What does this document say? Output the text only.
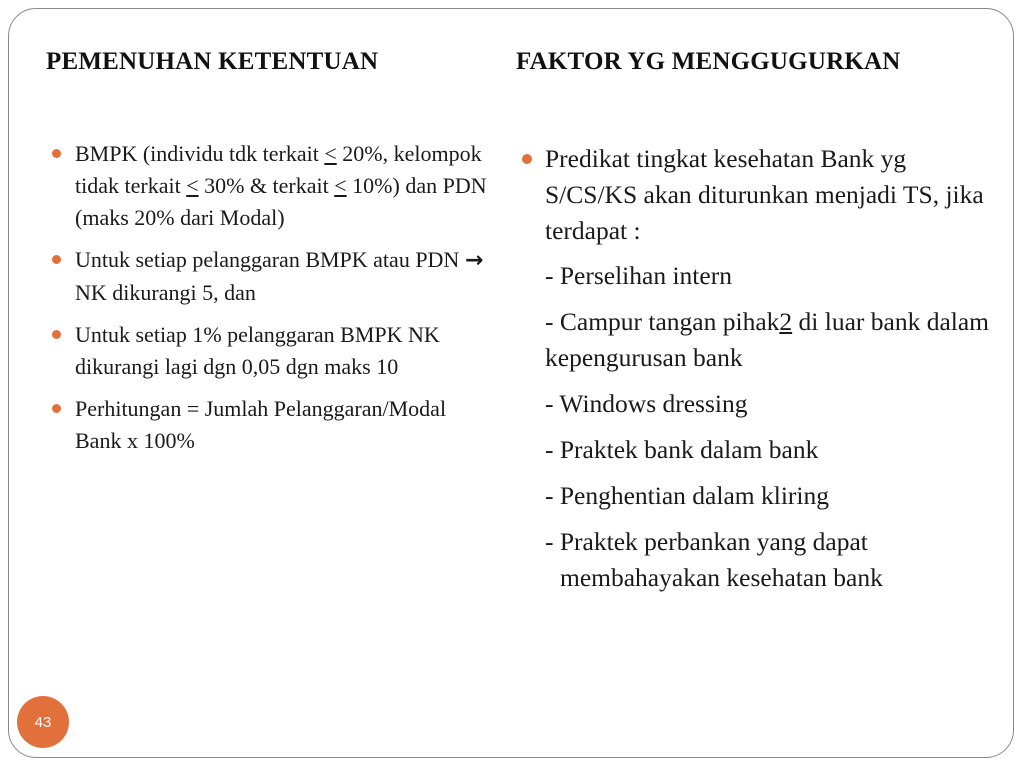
PEMENUHAN KETENTUAN	FAKTOR YG MENGGUGURKAN
BMPK (individu tdk terkait ≤ 20%, kelompok tidak terkait ≤ 30% & terkait ≤ 10%) dan PDN (maks 20% dari Modal)
Untuk setiap pelanggaran BMPK atau PDN → NK dikurangi 5, dan
Untuk setiap 1% pelanggaran BMPK NK dikurangi lagi dgn 0,05 dgn maks 10
Perhitungan = Jumlah Pelanggaran/Modal Bank x 100%
Predikat tingkat kesehatan Bank yg S/CS/KS akan diturunkan menjadi TS, jika terdapat :
- Perselihan intern
- Campur tangan pihak2 di luar bank dalam kepengurusan bank
- Windows dressing
- Praktek bank dalam bank
- Penghentian dalam kliring
- Praktek perbankan yang dapat
membahayakan kesehatan bank
43
